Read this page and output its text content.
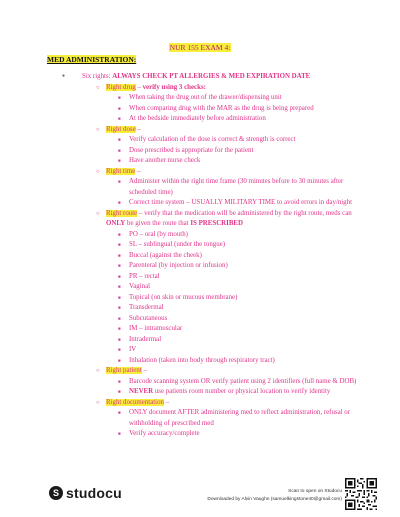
NUR 155 EXAM 4:
MED ADMINISTRATION:
● Six rights: ALWAYS CHECK PT ALLERGIES & MED EXPIRATION DATE
○ Right drug – verify using 3 checks:
■ When taking the drug out of the drawer/dispensing unit
■ When comparing drug with the MAR as the drug is being prepared
■ At the bedside immediately before administration
○ Right dose –
■ Verify calculation of the dose is correct & strength is correct
■ Dose prescribed is appropriate for the patient
■ Have another nurse check
○ Right time –
■ Administer within the right time frame (30 minutes before to 30 minutes after scheduled time)
■ Correct time system – USUALLY MILITARY TIME to avoid errors in day/night
○ Right route – verify that the medication will be administered by the right route, meds can ONLY be given the route that IS PRESCRIBED
■ PO – oral (by mouth)
■ SL – sublingual (under the tongue)
■ Buccal (against the cheek)
■ Parenteral (by injection or infusion)
■ PR – rectal
■ Vaginal
■ Topical (on skin or mucous membrane)
■ Transdermal
■ Subcutaneous
■ IM – intramuscular
■ Intradermal
■ IV
■ Inhalation (taken into body through respiratory tract)
○ Right patient –
■ Barcode scanning system OR verify patient using 2 identifiers (full name & DOB)
■ NEVER use patients room number or physical location to verify identity
○ Right documentation –
■ ONLY document AFTER administering med to reflect administration, refusal or withholding of prescribed med
■ Verify accuracy/complete
S studocu	Scan to open on Studocu
Downloaded by Alvin Vaughn (samuelkingstone40@gmail.com)
